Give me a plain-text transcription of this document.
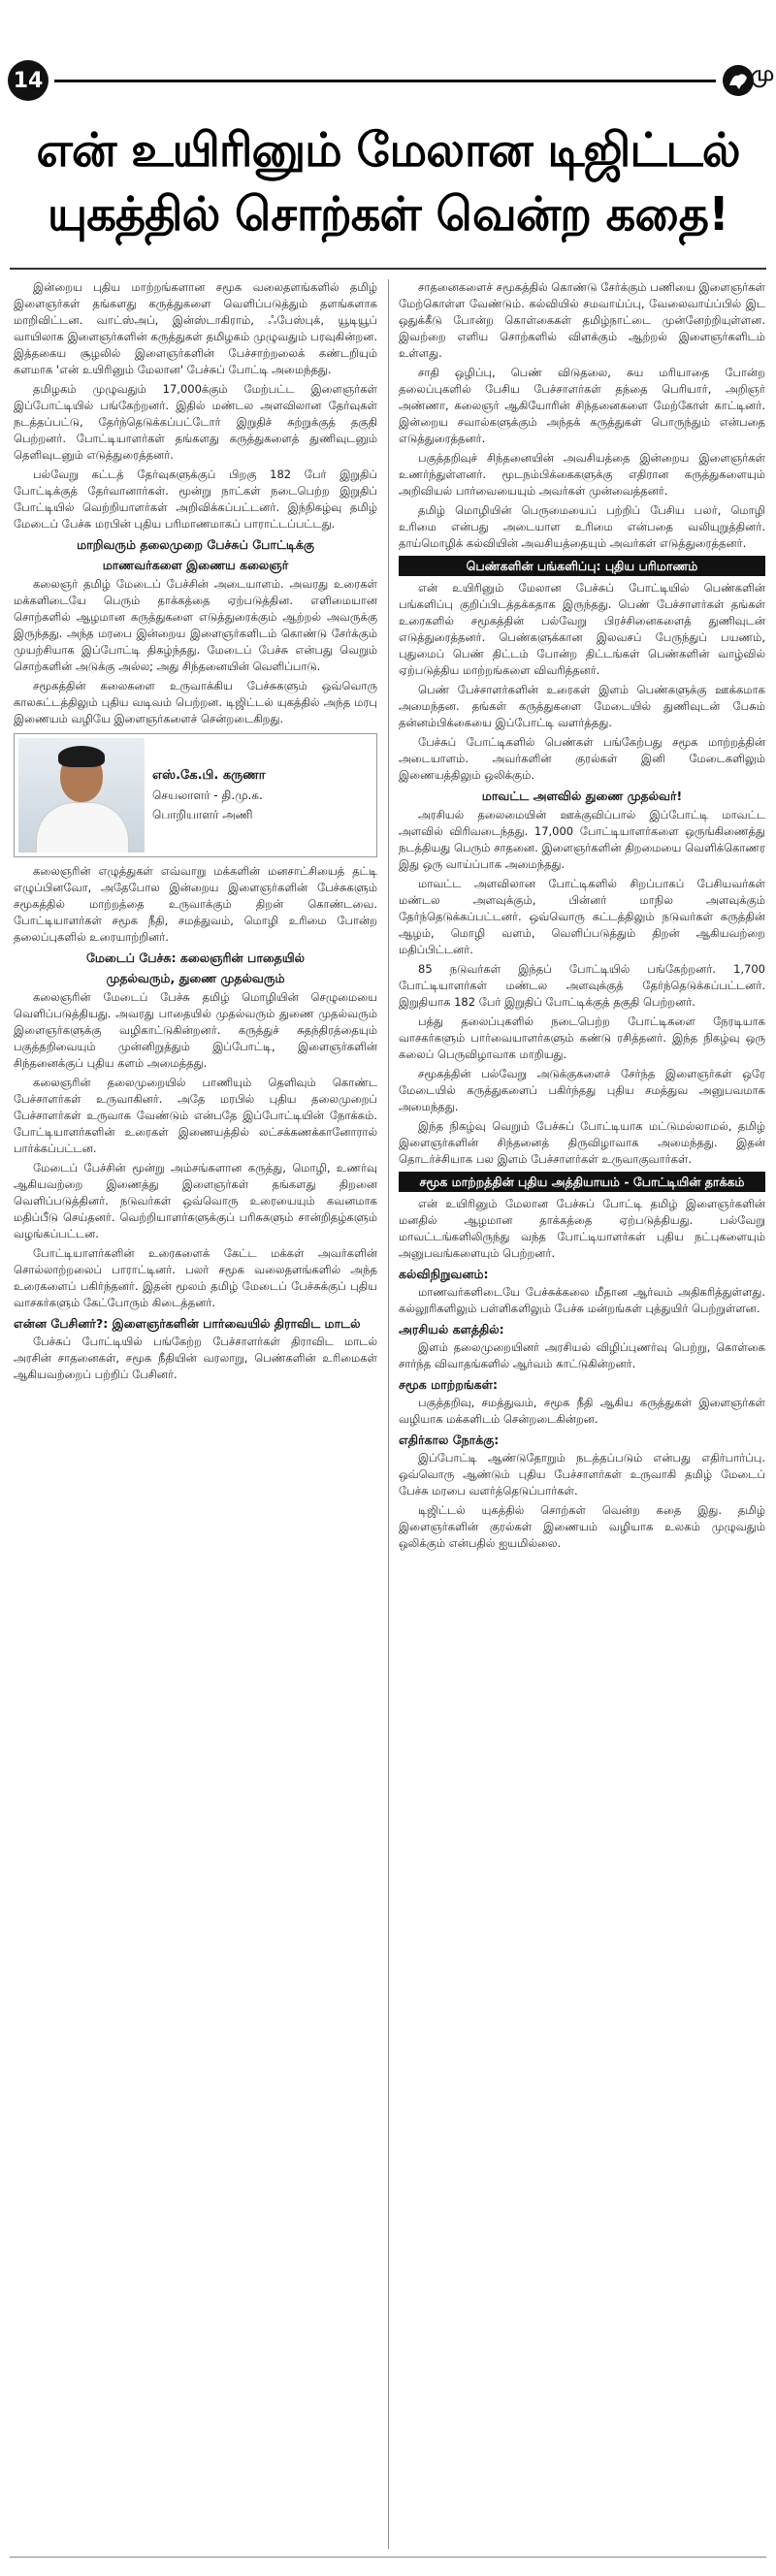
14	மு
என் உயிரினும் மேலான டிஜிட்டல்
யுகத்தில் சொற்கள் வென்ற கதை!

இன்றைய புதிய மாற்றங்களான சமூக வலைதளங்களில் தமிழ் இளைஞர்கள் தங்களது கருத்துகளை வெளிப்படுத்தும் தளங்களாக மாறிவிட்டன. வாட்ஸ்அப், இன்ஸ்டாகிராம், ஃபேஸ்புக், யூடியூப் வாயிலாக இளைஞர்களின் கருத்துகள் தமிழகம் முழுவதும் பரவுகின்றன. இத்தகைய சூழலில் இளைஞர்களின் பேச்சாற்றலைக் கண்டறியும் களமாக 'என் உயிரினும் மேலான' பேச்சுப் போட்டி அமைந்தது.

தமிழகம் முழுவதும் 17,000க்கும் மேற்பட்ட இளைஞர்கள் இப்போட்டியில் பங்கேற்றனர். இதில் மண்டல அளவிலான தேர்வுகள் நடத்தப்பட்டு, தேர்ந்தெடுக்கப்பட்டோர் இறுதிச் சுற்றுக்குத் தகுதி பெற்றனர். போட்டியாளர்கள் தங்களது கருத்துகளைத் துணிவுடனும் தெளிவுடனும் எடுத்துரைத்தனர்.

பல்வேறு கட்டத் தேர்வுகளுக்குப் பிறகு 182 பேர் இறுதிப் போட்டிக்குத் தேர்வானார்கள். மூன்று நாட்கள் நடைபெற்ற இறுதிப் போட்டியில் வெற்றியாளர்கள் அறிவிக்கப்பட்டனர். இந்நிகழ்வு தமிழ் மேடைப் பேச்சு மரபின் புதிய பரிமாணமாகப் பாராட்டப்பட்டது.

மாறிவரும் தலைமுறை பேச்சுப் போட்டிக்கு
மாணவர்களை இணைய கலைஞர்

கலைஞர் தமிழ் மேடைப் பேச்சின் அடையாளம். அவரது உரைகள் மக்களிடையே பெரும் தாக்கத்தை ஏற்படுத்தின. எளிமையான சொற்களில் ஆழமான கருத்துகளை எடுத்துரைக்கும் ஆற்றல் அவருக்கு இருந்தது. அந்த மரபை இன்றைய இளைஞர்களிடம் கொண்டு சேர்க்கும் முயற்சியாக இப்போட்டி திகழ்ந்தது. மேடைப் பேச்சு என்பது வெறும் சொற்களின் அடுக்கு அல்ல; அது சிந்தனையின் வெளிப்பாடு.

சமூகத்தின் கலைகளை உருவாக்கிய பேச்சுகளும் ஒவ்வொரு காலகட்டத்திலும் புதிய வடிவம் பெற்றன. டிஜிட்டல் யுகத்தில் அந்த மரபு இணையம் வழியே இளைஞர்களைச் சென்றடைகிறது.

எஸ்.கே.பி. கருணா
செயலாளர் - தி.மு.க.
பொறியாளர் அணி

கலைஞரின் எழுத்துகள் எவ்வாறு மக்களின் மனசாட்சியைத் தட்டி எழுப்பினவோ, அதேபோல இன்றைய இளைஞர்களின் பேச்சுகளும் சமூகத்தில் மாற்றத்தை உருவாக்கும் திறன் கொண்டவை. போட்டியாளர்கள் சமூக நீதி, சமத்துவம், மொழி உரிமை போன்ற தலைப்புகளில் உரையாற்றினர்.

மேடைப் பேச்சு: கலைஞரின் பாதையில்
முதல்வரும், துணை முதல்வரும்

கலைஞரின் மேடைப் பேச்சு தமிழ் மொழியின் செழுமையை வெளிப்படுத்தியது. அவரது பாதையில் முதல்வரும் துணை முதல்வரும் இளைஞர்களுக்கு வழிகாட்டுகின்றனர். கருத்துச் சுதந்திரத்தையும் பகுத்தறிவையும் முன்னிறுத்தும் இப்போட்டி, இளைஞர்களின் சிந்தனைக்குப் புதிய களம் அமைத்தது.

கலைஞரின் தலைமுறையில் பாணியும் தெளிவும் கொண்ட பேச்சாளர்கள் உருவாகினர். அதே மரபில் புதிய தலைமுறைப் பேச்சாளர்கள் உருவாக வேண்டும் என்பதே இப்போட்டியின் நோக்கம். போட்டியாளர்களின் உரைகள் இணையத்தில் லட்சக்கணக்கானோரால் பார்க்கப்பட்டன.

மேடைப் பேச்சின் மூன்று அம்சங்களான கருத்து, மொழி, உணர்வு ஆகியவற்றை இணைத்து இளைஞர்கள் தங்களது திறனை வெளிப்படுத்தினர். நடுவர்கள் ஒவ்வொரு உரையையும் கவனமாக மதிப்பீடு செய்தனர். வெற்றியாளர்களுக்குப் பரிசுகளும் சான்றிதழ்களும் வழங்கப்பட்டன.

போட்டியாளர்களின் உரைகளைக் கேட்ட மக்கள் அவர்களின் சொல்லாற்றலைப் பாராட்டினர். பலர் சமூக வலைதளங்களில் அந்த உரைகளைப் பகிர்ந்தனர். இதன் மூலம் தமிழ் மேடைப் பேச்சுக்குப் புதிய வாசகர்களும் கேட்போரும் கிடைத்தனர்.

என்ன பேசினர்?: இளைஞர்களின் பார்வையில் திராவிட மாடல்

பேச்சுப் போட்டியில் பங்கேற்ற பேச்சாளர்கள் திராவிட மாடல் அரசின் சாதனைகள், சமூக நீதியின் வரலாறு, பெண்களின் உரிமைகள் ஆகியவற்றைப் பற்றிப் பேசினர்.

சாதனைகளைச் சமூகத்தில் கொண்டு சேர்க்கும் பணியை இளைஞர்கள் மேற்கொள்ள வேண்டும். கல்வியில் சமவாய்ப்பு, வேலைவாய்ப்பில் இட ஒதுக்கீடு போன்ற கொள்கைகள் தமிழ்நாட்டை முன்னேற்றியுள்ளன. இவற்றை எளிய சொற்களில் விளக்கும் ஆற்றல் இளைஞர்களிடம் உள்ளது.

சாதி ஒழிப்பு, பெண் விடுதலை, சுய மரியாதை போன்ற தலைப்புகளில் பேசிய பேச்சாளர்கள் தந்தை பெரியார், அறிஞர் அண்ணா, கலைஞர் ஆகியோரின் சிந்தனைகளை மேற்கோள் காட்டினர். இன்றைய சவால்களுக்கும் அந்தக் கருத்துகள் பொருந்தும் என்பதை எடுத்துரைத்தனர்.

பகுத்தறிவுச் சிந்தனையின் அவசியத்தை இன்றைய இளைஞர்கள் உணர்ந்துள்ளனர். மூடநம்பிக்கைகளுக்கு எதிரான கருத்துகளையும் அறிவியல் பார்வையையும் அவர்கள் முன்வைத்தனர்.

தமிழ் மொழியின் பெருமையைப் பற்றிப் பேசிய பலர், மொழி உரிமை என்பது அடையாள உரிமை என்பதை வலியுறுத்தினர். தாய்மொழிக் கல்வியின் அவசியத்தையும் அவர்கள் எடுத்துரைத்தனர்.

பெண்களின் பங்களிப்பு: புதிய பரிமாணம்

என் உயிரினும் மேலான பேச்சுப் போட்டியில் பெண்களின் பங்களிப்பு குறிப்பிடத்தக்கதாக இருந்தது. பெண் பேச்சாளர்கள் தங்கள் உரைகளில் சமூகத்தின் பல்வேறு பிரச்சினைகளைத் துணிவுடன் எடுத்துரைத்தனர். பெண்களுக்கான இலவசப் பேருந்துப் பயணம், புதுமைப் பெண் திட்டம் போன்ற திட்டங்கள் பெண்களின் வாழ்வில் ஏற்படுத்திய மாற்றங்களை விவரித்தனர்.

பெண் பேச்சாளர்களின் உரைகள் இளம் பெண்களுக்கு ஊக்கமாக அமைந்தன. தங்கள் கருத்துகளை மேடையில் துணிவுடன் பேசும் தன்னம்பிக்கையை இப்போட்டி வளர்த்தது.

பேச்சுப் போட்டிகளில் பெண்கள் பங்கேற்பது சமூக மாற்றத்தின் அடையாளம். அவர்களின் குரல்கள் இனி மேடைகளிலும் இணையத்திலும் ஒலிக்கும்.

மாவட்ட அளவில் துணை முதல்வர்!

அரசியல் தலைமையின் ஊக்குவிப்பால் இப்போட்டி மாவட்ட அளவில் விரிவடைந்தது. 17,000 போட்டியாளர்களை ஒருங்கிணைத்து நடத்தியது பெரும் சாதனை. இளைஞர்களின் திறமையை வெளிக்கொணர இது ஒரு வாய்ப்பாக அமைந்தது.

மாவட்ட அளவிலான போட்டிகளில் சிறப்பாகப் பேசியவர்கள் மண்டல அளவுக்கும், பின்னர் மாநில அளவுக்கும் தேர்ந்தெடுக்கப்பட்டனர். ஒவ்வொரு கட்டத்திலும் நடுவர்கள் கருத்தின் ஆழம், மொழி வளம், வெளிப்படுத்தும் திறன் ஆகியவற்றை மதிப்பிட்டனர்.

85 நடுவர்கள் இந்தப் போட்டியில் பங்கேற்றனர். 1,700 போட்டியாளர்கள் மண்டல அளவுக்குத் தேர்ந்தெடுக்கப்பட்டனர். இறுதியாக 182 பேர் இறுதிப் போட்டிக்குத் தகுதி பெற்றனர்.

பத்து தலைப்புகளில் நடைபெற்ற போட்டிகளை நேரடியாக வாசகர்களும் பார்வையாளர்களும் கண்டு ரசித்தனர். இந்த நிகழ்வு ஒரு கலைப் பெருவிழாவாக மாறியது.

சமூகத்தின் பல்வேறு அடுக்குகளைச் சேர்ந்த இளைஞர்கள் ஒரே மேடையில் கருத்துகளைப் பகிர்ந்தது புதிய சமத்துவ அனுபவமாக அமைந்தது.

இந்த நிகழ்வு வெறும் பேச்சுப் போட்டியாக மட்டுமல்லாமல், தமிழ் இளைஞர்களின் சிந்தனைத் திருவிழாவாக அமைந்தது. இதன் தொடர்ச்சியாக பல இளம் பேச்சாளர்கள் உருவாகுவார்கள்.

சமூக மாற்றத்தின் புதிய அத்தியாயம் - போட்டியின் தாக்கம்

என் உயிரினும் மேலான பேச்சுப் போட்டி தமிழ் இளைஞர்களின் மனதில் ஆழமான தாக்கத்தை ஏற்படுத்தியது. பல்வேறு மாவட்டங்களிலிருந்து வந்த போட்டியாளர்கள் புதிய நட்புகளையும் அனுபவங்களையும் பெற்றனர்.

கல்விநிறுவனம்:

மாணவர்களிடையே பேச்சுக்கலை மீதான ஆர்வம் அதிகரித்துள்ளது. கல்லூரிகளிலும் பள்ளிகளிலும் பேச்சு மன்றங்கள் புத்துயிர் பெற்றுள்ளன.

அரசியல் களத்தில்:

இளம் தலைமுறையினர் அரசியல் விழிப்புணர்வு பெற்று, கொள்கை சார்ந்த விவாதங்களில் ஆர்வம் காட்டுகின்றனர்.

சமூக மாற்றங்கள்:

பகுத்தறிவு, சமத்துவம், சமூக நீதி ஆகிய கருத்துகள் இளைஞர்கள் வழியாக மக்களிடம் சென்றடைகின்றன.

எதிர்கால நோக்கு:

இப்போட்டி ஆண்டுதோறும் நடத்தப்படும் என்பது எதிர்பார்ப்பு. ஒவ்வொரு ஆண்டும் புதிய பேச்சாளர்கள் உருவாகி தமிழ் மேடைப் பேச்சு மரபை வளர்த்தெடுப்பார்கள்.

டிஜிட்டல் யுகத்தில் சொற்கள் வென்ற கதை இது. தமிழ் இளைஞர்களின் குரல்கள் இணையம் வழியாக உலகம் முழுவதும் ஒலிக்கும் என்பதில் ஐயமில்லை.
